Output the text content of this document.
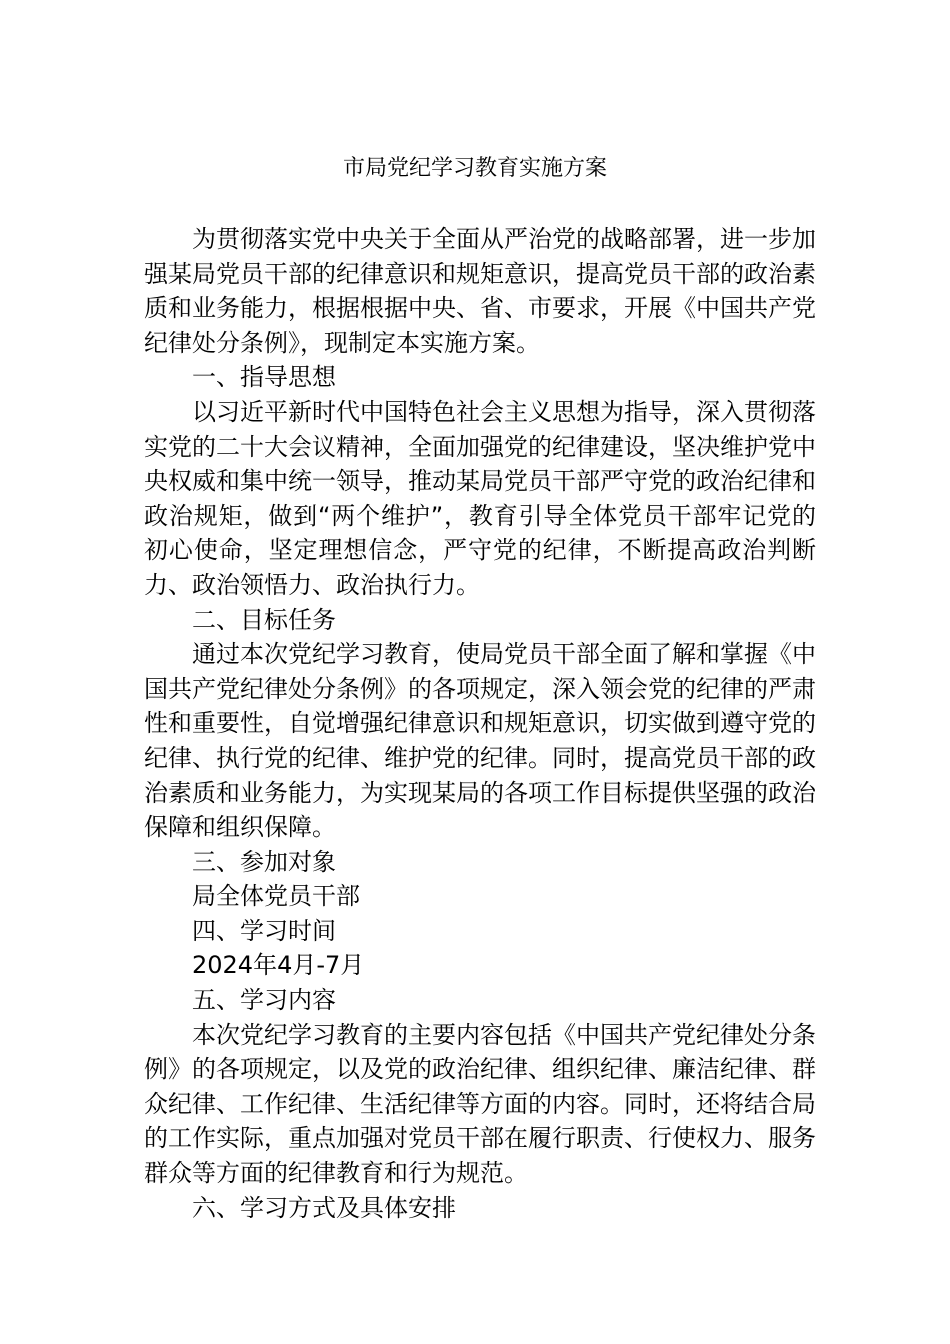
市局党纪学习教育实施方案

为贯彻落实党中央关于全面从严治党的战略部署，进一步加强某局党员干部的纪律意识和规矩意识，提高党员干部的政治素质和业务能力，根据根据中央、省、市要求，开展《中国共产党纪律处分条例》，现制定本实施方案。

一、指导思想

以习近平新时代中国特色社会主义思想为指导，深入贯彻落实党的二十大会议精神，全面加强党的纪律建设，坚决维护党中央权威和集中统一领导，推动某局党员干部严守党的政治纪律和政治规矩，做到“两个维护”，教育引导全体党员干部牢记党的初心使命，坚定理想信念，严守党的纪律，不断提高政治判断力、政治领悟力、政治执行力。

二、目标任务

通过本次党纪学习教育，使局党员干部全面了解和掌握《中国共产党纪律处分条例》的各项规定，深入领会党的纪律的严肃性和重要性，自觉增强纪律意识和规矩意识，切实做到遵守党的纪律、执行党的纪律、维护党的纪律。同时，提高党员干部的政治素质和业务能力，为实现某局的各项工作目标提供坚强的政治保障和组织保障。

三、参加对象

局全体党员干部

四、学习时间

2024年4月-7月

五、学习内容

本次党纪学习教育的主要内容包括《中国共产党纪律处分条例》的各项规定，以及党的政治纪律、组织纪律、廉洁纪律、群众纪律、工作纪律、生活纪律等方面的内容。同时，还将结合局的工作实际，重点加强对党员干部在履行职责、行使权力、服务群众等方面的纪律教育和行为规范。

六、学习方式及具体安排
